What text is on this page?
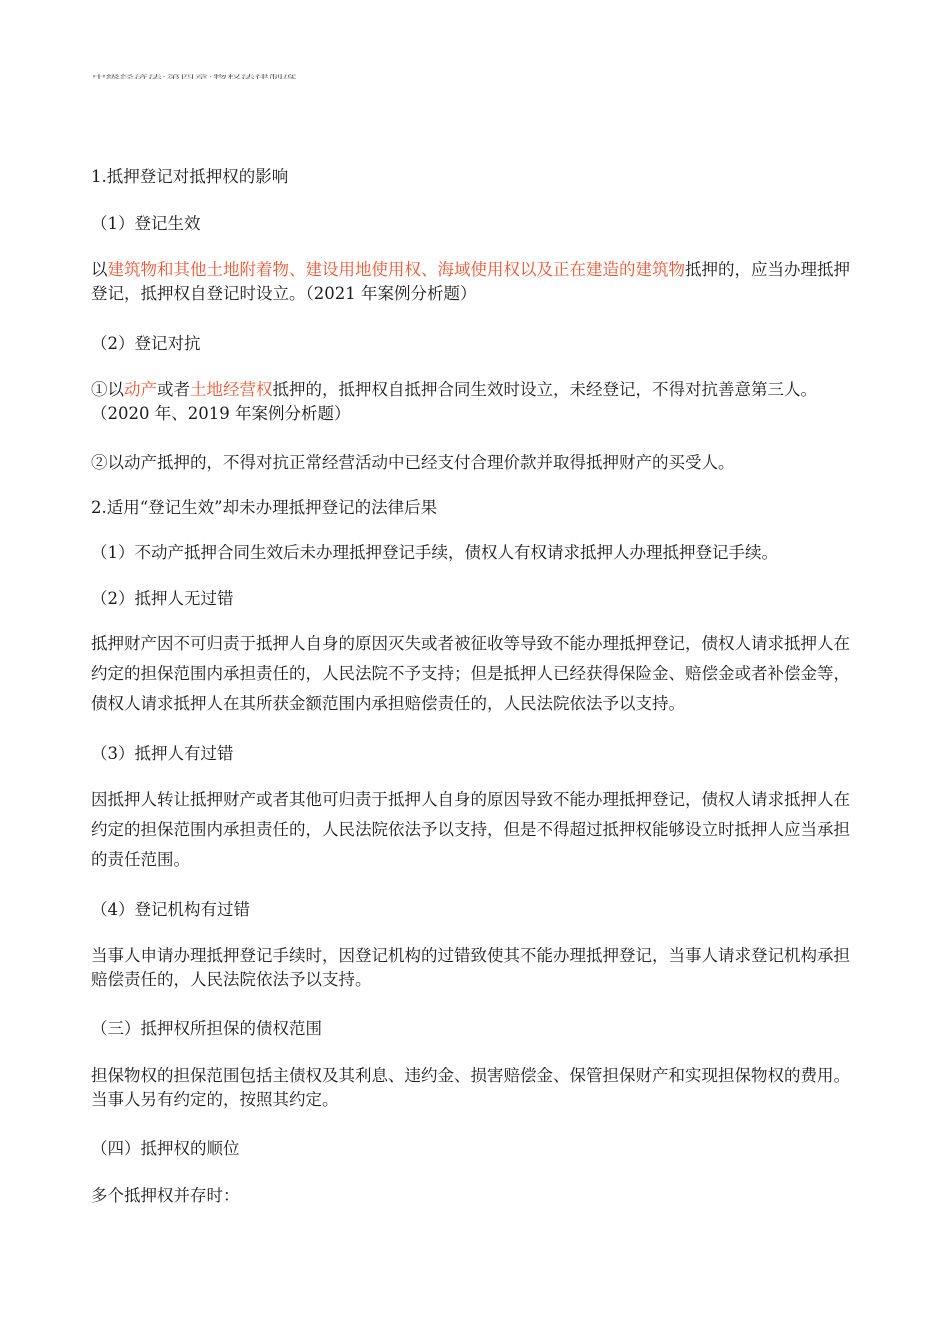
中级经济法·第四章·物权法律制度
1.抵押登记对抵押权的影响
（1）登记生效
以建筑物和其他土地附着物、建设用地使用权、海域使用权以及正在建造的建筑物抵押的，应当办理抵押登记，抵押权自登记时设立。（2021 年案例分析题）
（2）登记对抗
①以动产或者土地经营权抵押的，抵押权自抵押合同生效时设立，未经登记，不得对抗善意第三人。（2020 年、2019 年案例分析题）
②以动产抵押的，不得对抗正常经营活动中已经支付合理价款并取得抵押财产的买受人。
2.适用“登记生效”却未办理抵押登记的法律后果
（1）不动产抵押合同生效后未办理抵押登记手续，债权人有权请求抵押人办理抵押登记手续。
（2）抵押人无过错
抵押财产因不可归责于抵押人自身的原因灭失或者被征收等导致不能办理抵押登记，债权人请求抵押人在约定的担保范围内承担责任的，人民法院不予支持；但是抵押人已经获得保险金、赔偿金或者补偿金等，债权人请求抵押人在其所获金额范围内承担赔偿责任的，人民法院依法予以支持。
（3）抵押人有过错
因抵押人转让抵押财产或者其他可归责于抵押人自身的原因导致不能办理抵押登记，债权人请求抵押人在约定的担保范围内承担责任的，人民法院依法予以支持，但是不得超过抵押权能够设立时抵押人应当承担的责任范围。
（4）登记机构有过错
当事人申请办理抵押登记手续时，因登记机构的过错致使其不能办理抵押登记，当事人请求登记机构承担赔偿责任的，人民法院依法予以支持。
（三）抵押权所担保的债权范围
担保物权的担保范围包括主债权及其利息、违约金、损害赔偿金、保管担保财产和实现担保物权的费用。当事人另有约定的，按照其约定。
（四）抵押权的顺位
多个抵押权并存时：
